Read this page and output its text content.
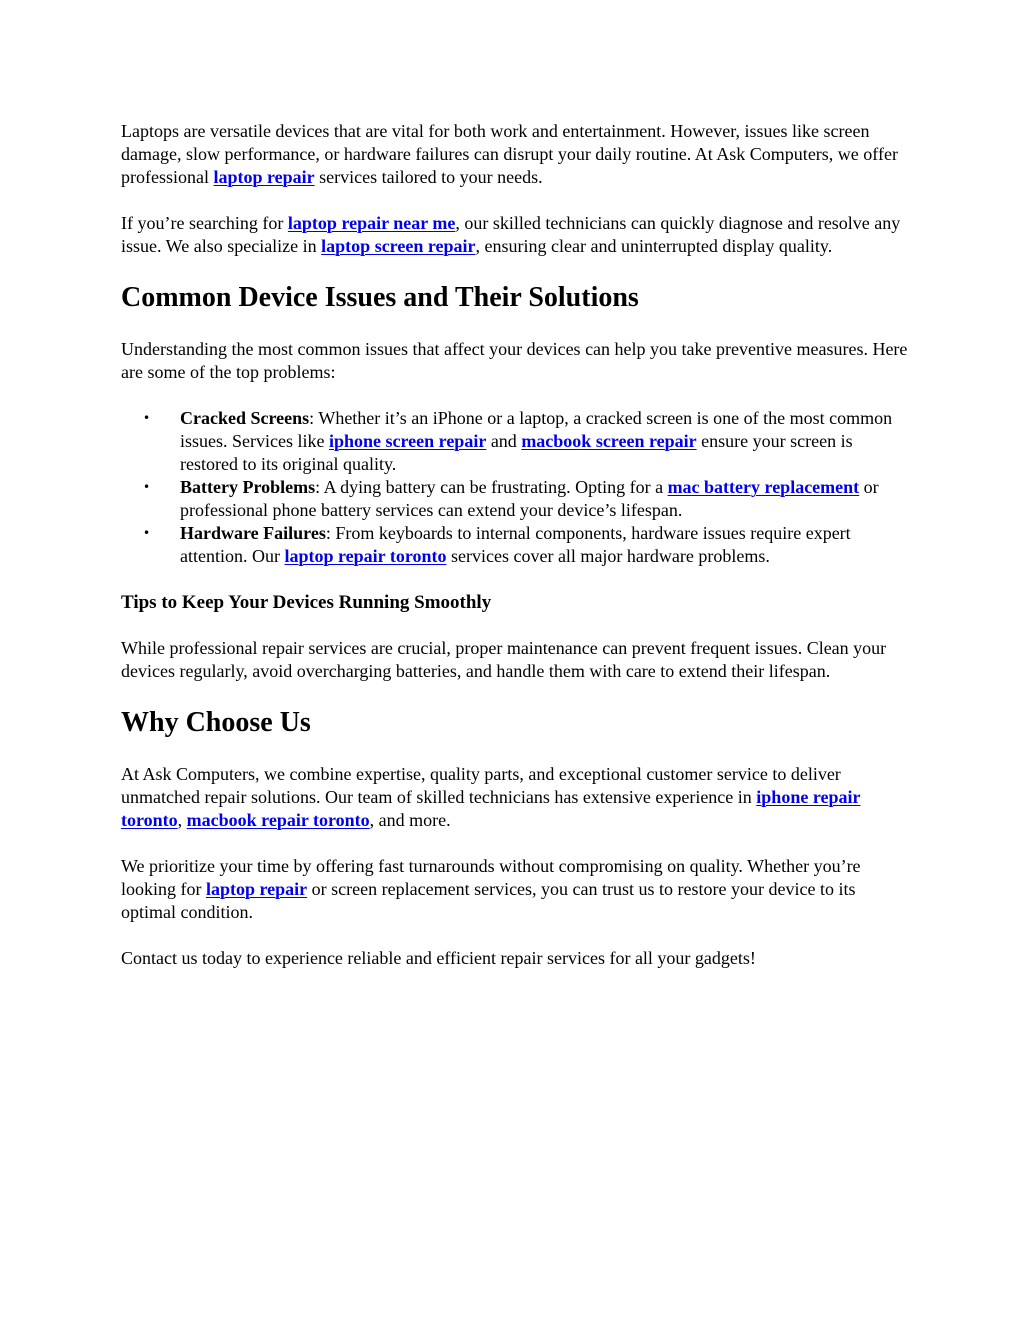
Laptops are versatile devices that are vital for both work and entertainment. However, issues like screen damage, slow performance, or hardware failures can disrupt your daily routine. At Ask Computers, we offer professional laptop repair services tailored to your needs.

If you’re searching for laptop repair near me, our skilled technicians can quickly diagnose and resolve any issue. We also specialize in laptop screen repair, ensuring clear and uninterrupted display quality.

Common Device Issues and Their Solutions

Understanding the most common issues that affect your devices can help you take preventive measures. Here are some of the top problems:

• Cracked Screens: Whether it’s an iPhone or a laptop, a cracked screen is one of the most common issues. Services like iphone screen repair and macbook screen repair ensure your screen is restored to its original quality.
• Battery Problems: A dying battery can be frustrating. Opting for a mac battery replacement or professional phone battery services can extend your device’s lifespan.
• Hardware Failures: From keyboards to internal components, hardware issues require expert attention. Our laptop repair toronto services cover all major hardware problems.
Tips to Keep Your Devices Running Smoothly

While professional repair services are crucial, proper maintenance can prevent frequent issues. Clean your devices regularly, avoid overcharging batteries, and handle them with care to extend their lifespan.

Why Choose Us

At Ask Computers, we combine expertise, quality parts, and exceptional customer service to deliver unmatched repair solutions. Our team of skilled technicians has extensive experience in iphone repair toronto, macbook repair toronto, and more.

We prioritize your time by offering fast turnarounds without compromising on quality. Whether you’re looking for laptop repair or screen replacement services, you can trust us to restore your device to its optimal condition.

Contact us today to experience reliable and efficient repair services for all your gadgets!
